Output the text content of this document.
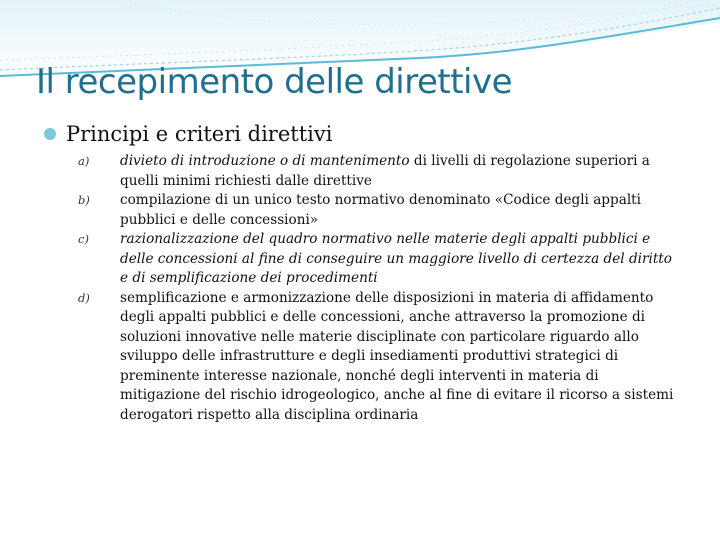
Il recepimento delle direttive
Principi e criteri direttivi
a)	divieto di introduzione o di mantenimento di livelli di regolazione superiori a quelli minimi richiesti dalle direttive
b)	compilazione di un unico testo normativo denominato «Codice degli appalti pubblici e delle concessioni»
c)	razionalizzazione del quadro normativo nelle materie degli appalti pubblici e delle concessioni al fine di conseguire un maggiore livello di certezza del diritto e di semplificazione dei procedimenti
d)	semplificazione e armonizzazione delle disposizioni in materia di affidamento degli appalti pubblici e delle concessioni, anche attraverso la promozione di soluzioni innovative nelle materie disciplinate con particolare riguardo allo sviluppo delle infrastrutture e degli insediamenti produttivi strategici di preminente interesse nazionale, nonché degli interventi in materia di mitigazione del rischio idrogeologico, anche al fine di evitare il ricorso a sistemi derogatori rispetto alla disciplina ordinaria
